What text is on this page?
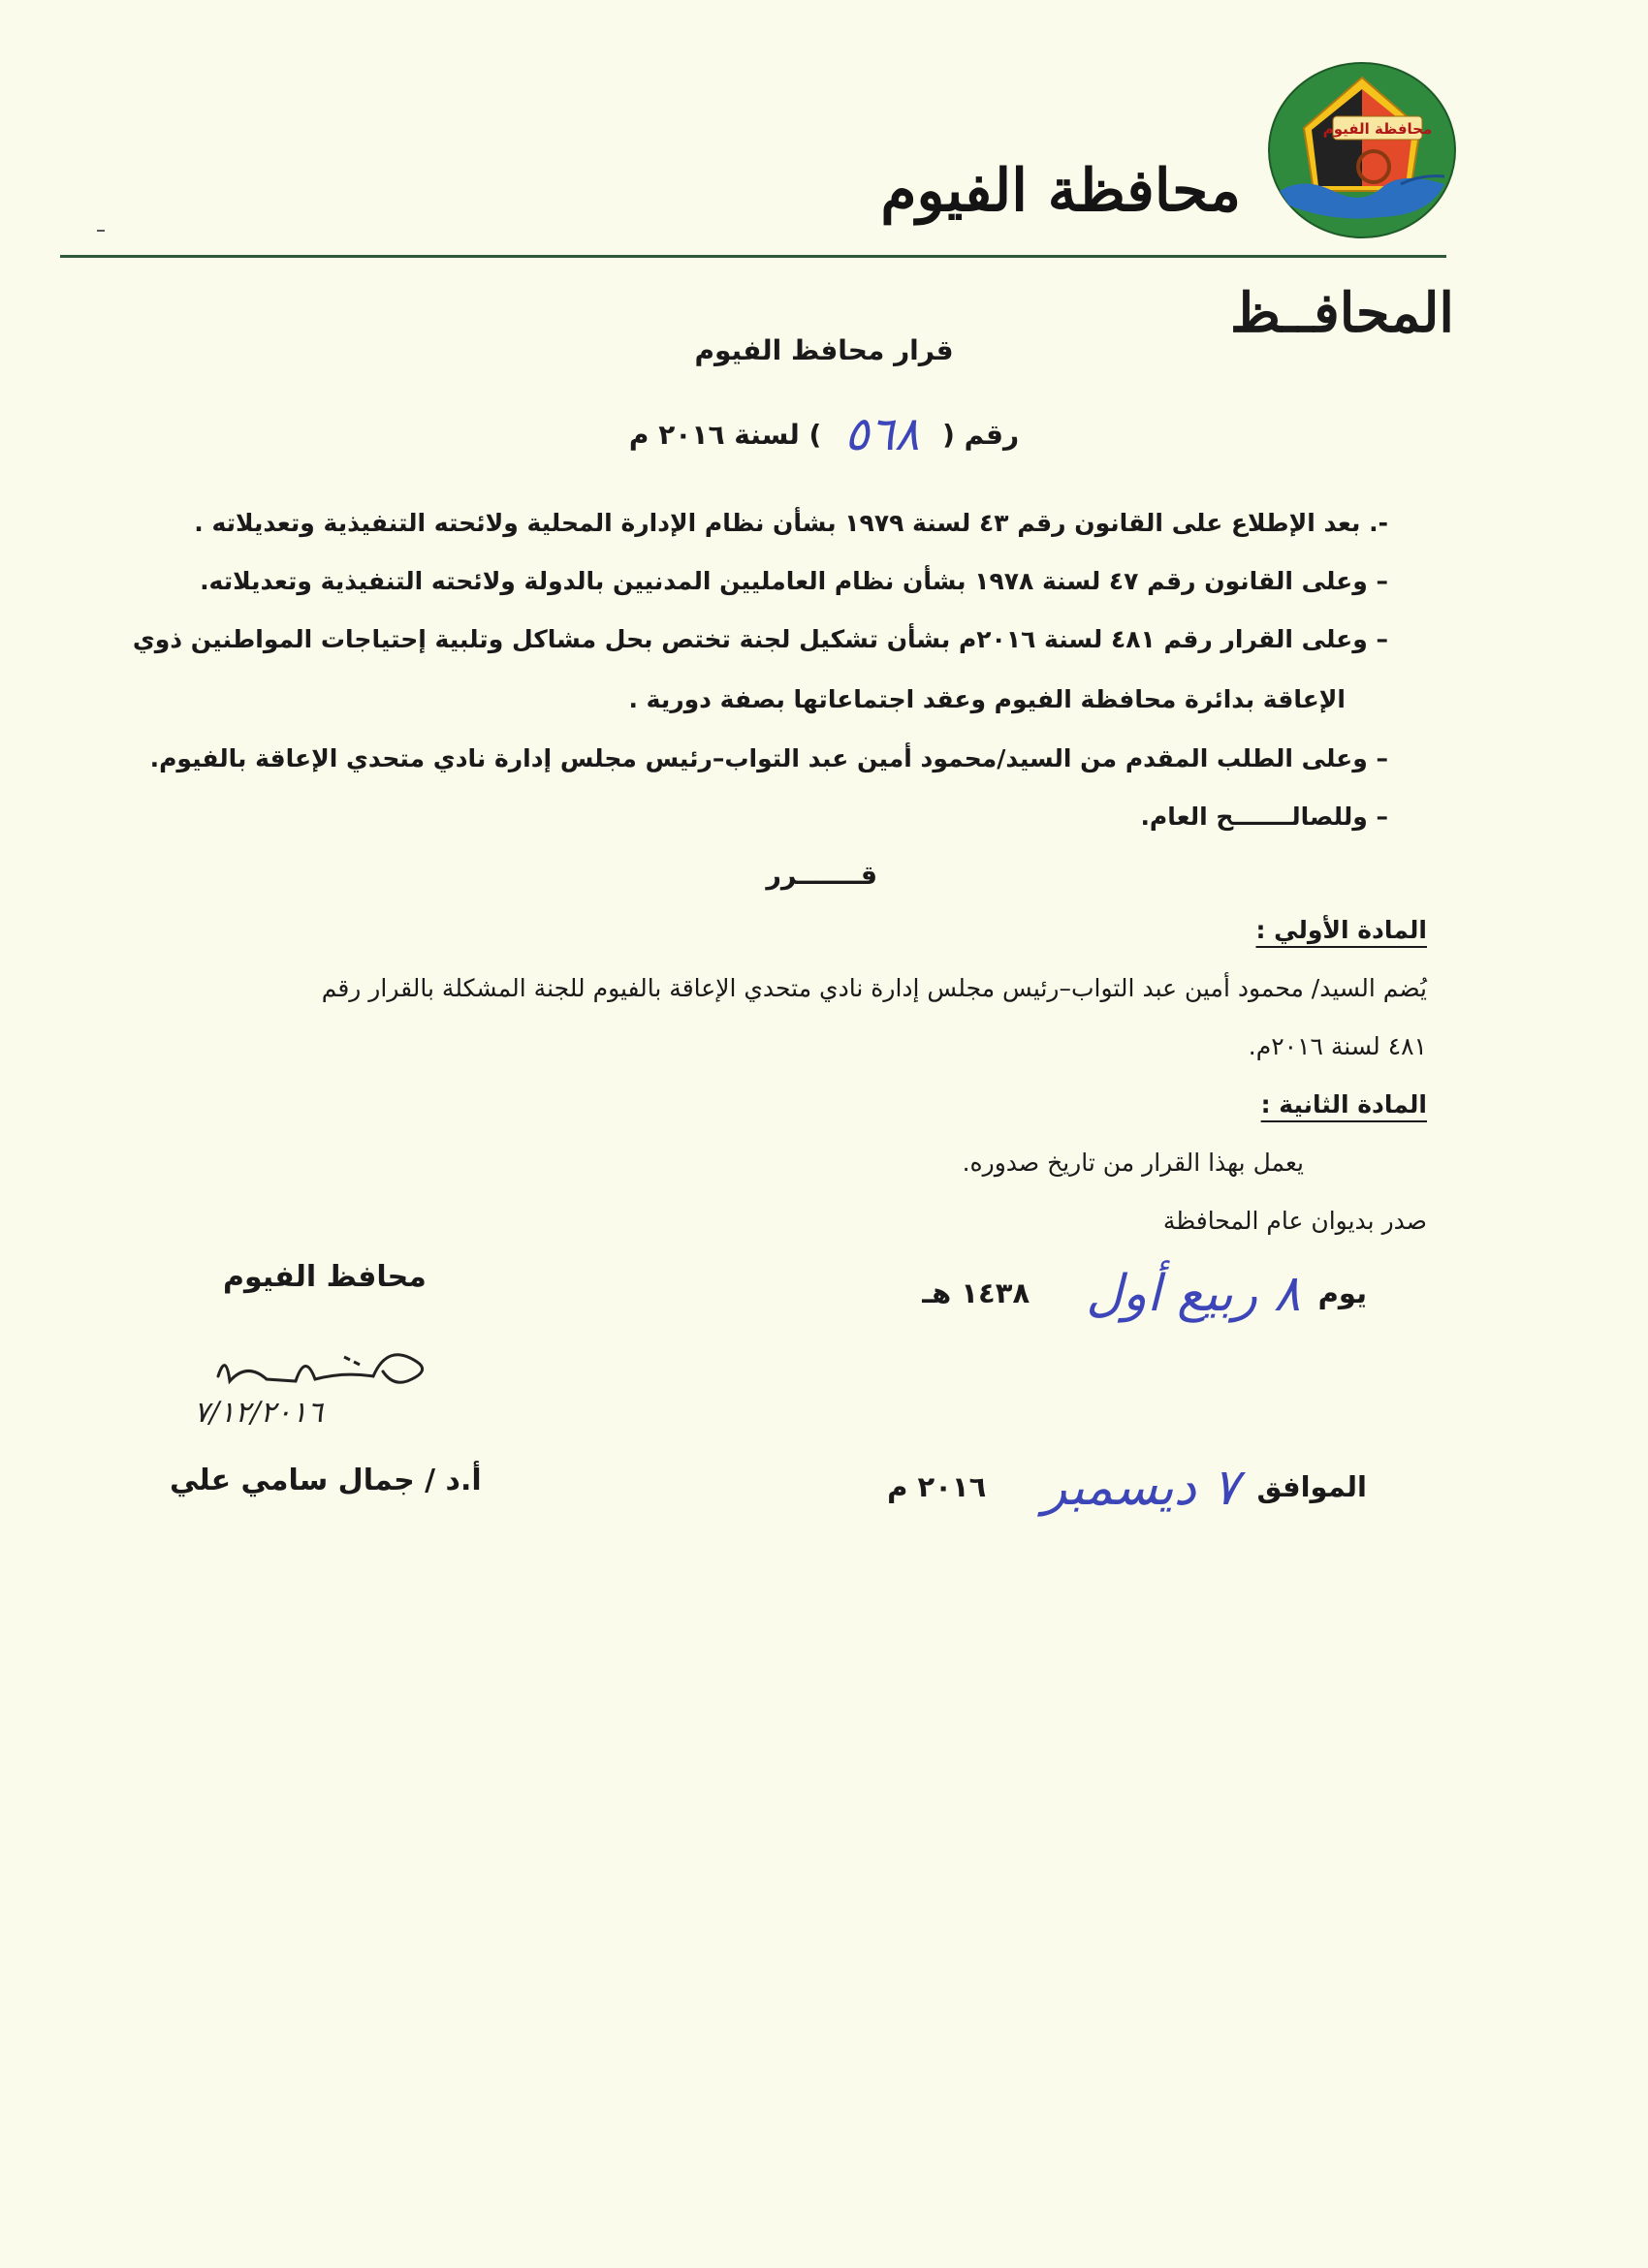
محافظة الفيوم
محافظة الفيوم
المحافــظ
قرار محافظ الفيوم
رقم ( ٥٦٨ ) لسنة ٢٠١٦ م
-. بعد الإطلاع على القانون رقم ٤٣ لسنة ١٩٧٩ بشأن نظام الإدارة المحلية ولائحته التنفيذية وتعديلاته .
– وعلى القانون رقم ٤٧ لسنة ١٩٧٨ بشأن نظام العامليين المدنيين بالدولة ولائحته التنفيذية وتعديلاته.
– وعلى القرار رقم ٤٨١ لسنة ٢٠١٦م بشأن تشكيل لجنة تختص بحل مشاكل وتلبية إحتياجات المواطنين ذوي
الإعاقة بدائرة محافظة الفيوم وعقد اجتماعاتها بصفة دورية .
– وعلى الطلب المقدم من السيد/محمود أمين عبد التواب–رئيس مجلس إدارة نادي متحدي الإعاقة بالفيوم.
– وللصالـــــــح العام.
قـــــــرر
المادة الأولي :
يُضم السيد/ محمود أمين عبد التواب–رئيس مجلس إدارة نادي متحدي الإعاقة بالفيوم للجنة المشكلة بالقرار رقم
٤٨١ لسنة ٢٠١٦م.
المادة الثانية :
يعمل بهذا القرار من تاريخ صدوره.
صدر بديوان عام المحافظة
يوم ٨ ربيع أول ١٤٣٨ هـ
الموافق ٧ ديسمبر ٢٠١٦ م
محافظ الفيوم
٧/١٢/٢٠١٦
أ.د / جمال سامي علي
